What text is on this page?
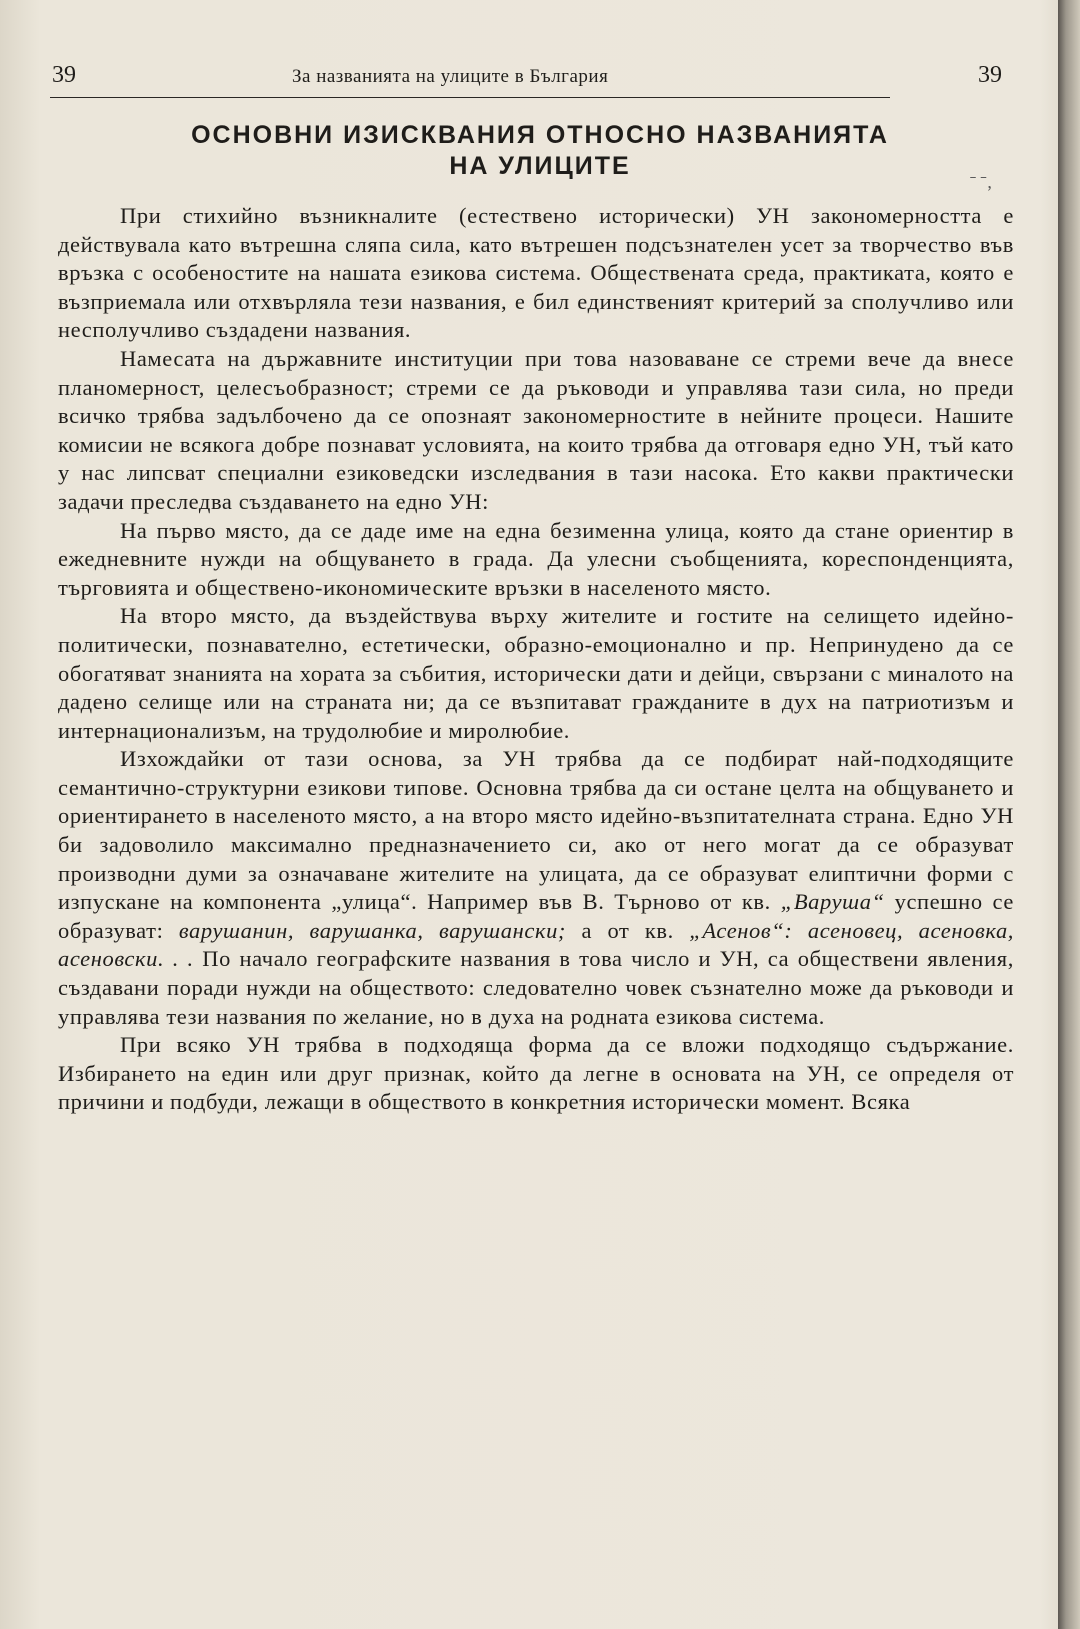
39	За названията на улиците в България	39
ОСНОВНИ ИЗИСКВАНИЯ ОТНОСНО НАЗВАНИЯТА
НА УЛИЦИТЕ
ˉ ˉ‚

При стихийно възникналите (естествено исторически) УН закономерността е действувала като вътрешна сляпа сила, като вътрешен подсъзнателен усет за творчество във връзка с особеностите на нашата езикова система. Обществената среда, практиката, която е възприемала или отхвърляла тези названия, е бил единственият критерий за сполучливо или несполучливо създадени названия.

Намесата на държавните институции при това назоваване се стреми вече да внесе планомерност, целесъобразност; стреми се да ръководи и управлява тази сила, но преди всичко трябва задълбочено да се опознаят закономерностите в нейните процеси. Нашите комисии не всякога добре познават условията, на които трябва да отговаря едно УН, тъй като у нас липсват специални езиковедски изследвания в тази насока. Ето какви практически задачи преследва създаването на едно УН:

На първо място, да се даде име на една безименна улица, която да стане ориентир в ежедневните нужди на общуването в града. Да улесни съобщенията, кореспонденцията, търговията и обществено-икономическите връзки в населеното място.

На второ място, да въздействува върху жителите и гостите на селището идейно-политически, познавателно, естетически, образно-емоционално и пр. Непринудено да се обогатяват знанията на хората за събития, исторически дати и дейци, свързани с миналото на дадено селище или на страната ни; да се възпитават гражданите в дух на патриотизъм и интернационализъм, на трудолюбие и миролюбие.

Изхождайки от тази основа, за УН трябва да се подбират най-подходящите семантично-структурни езикови типове. Основна трябва да си остане целта на общуването и ориентирането в населеното място, а на второ място идейно-възпитателната страна. Едно УН би задоволило максимално предназначението си, ако от него могат да се образуват производни думи за означаване жителите на улицата, да се образуват елиптични форми с изпускане на компонента „улица“. Например във В. Търново от кв. „Варуша“ успешно се образуват: варушанин, варушанка, варушански; а от кв. „Асенов“: асеновец, асеновка, асеновски. . . По начало географските названия в това число и УН, са обществени явления, създавани поради нужди на обществото: следователно човек съзнателно може да ръководи и управлява тези названия по желание, но в духа на родната езикова система.

При всяко УН трябва в подходяща форма да се вложи подходящо съдържание. Избирането на един или друг признак, който да легне в основата на УН, се определя от причини и подбуди, лежащи в обществото в конкретния исторически момент. Всяка
